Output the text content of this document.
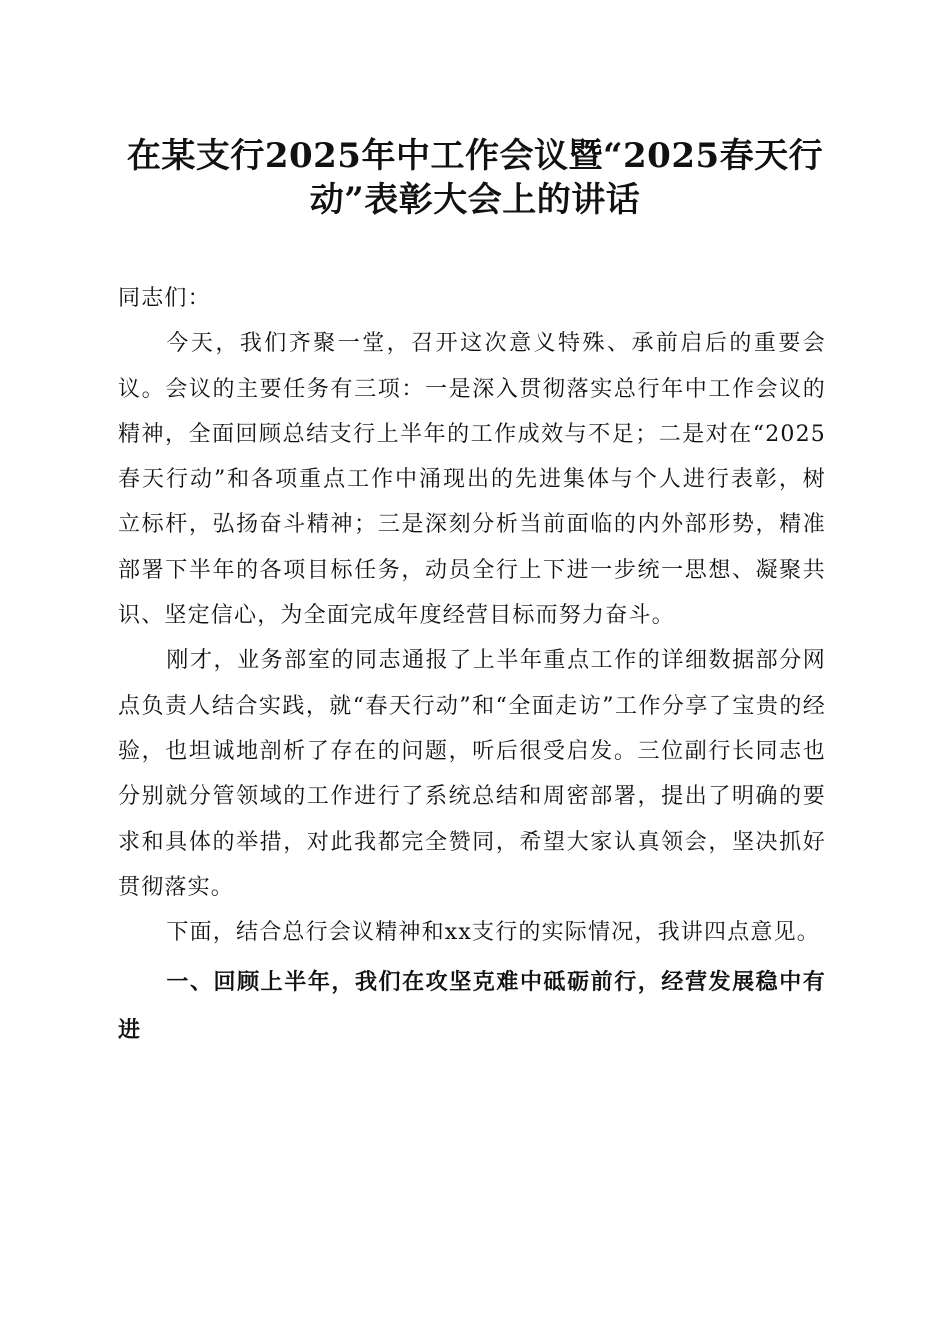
在某支行2025年中工作会议暨“2025春天行动”表彰大会上的讲话

同志们：

今天，我们齐聚一堂，召开这次意义特殊、承前启后的重要会议。会议的主要任务有三项：一是深入贯彻落实总行年中工作会议的精神，全面回顾总结支行上半年的工作成效与不足；二是对在“2025春天行动”和各项重点工作中涌现出的先进集体与个人进行表彰，树立标杆，弘扬奋斗精神；三是深刻分析当前面临的内外部形势，精准部署下半年的各项目标任务，动员全行上下进一步统一思想、凝聚共识、坚定信心，为全面完成年度经营目标而努力奋斗。

刚才，业务部室的同志通报了上半年重点工作的详细数据部分网点负责人结合实践，就“春天行动”和“全面走访”工作分享了宝贵的经验，也坦诚地剖析了存在的问题，听后很受启发。三位副行长同志也分别就分管领域的工作进行了系统总结和周密部署，提出了明确的要求和具体的举措，对此我都完全赞同，希望大家认真领会，坚决抓好贯彻落实。

下面，结合总行会议精神和xx支行的实际情况，我讲四点意见。

一、回顾上半年，我们在攻坚克难中砥砺前行，经营发展稳中有进
